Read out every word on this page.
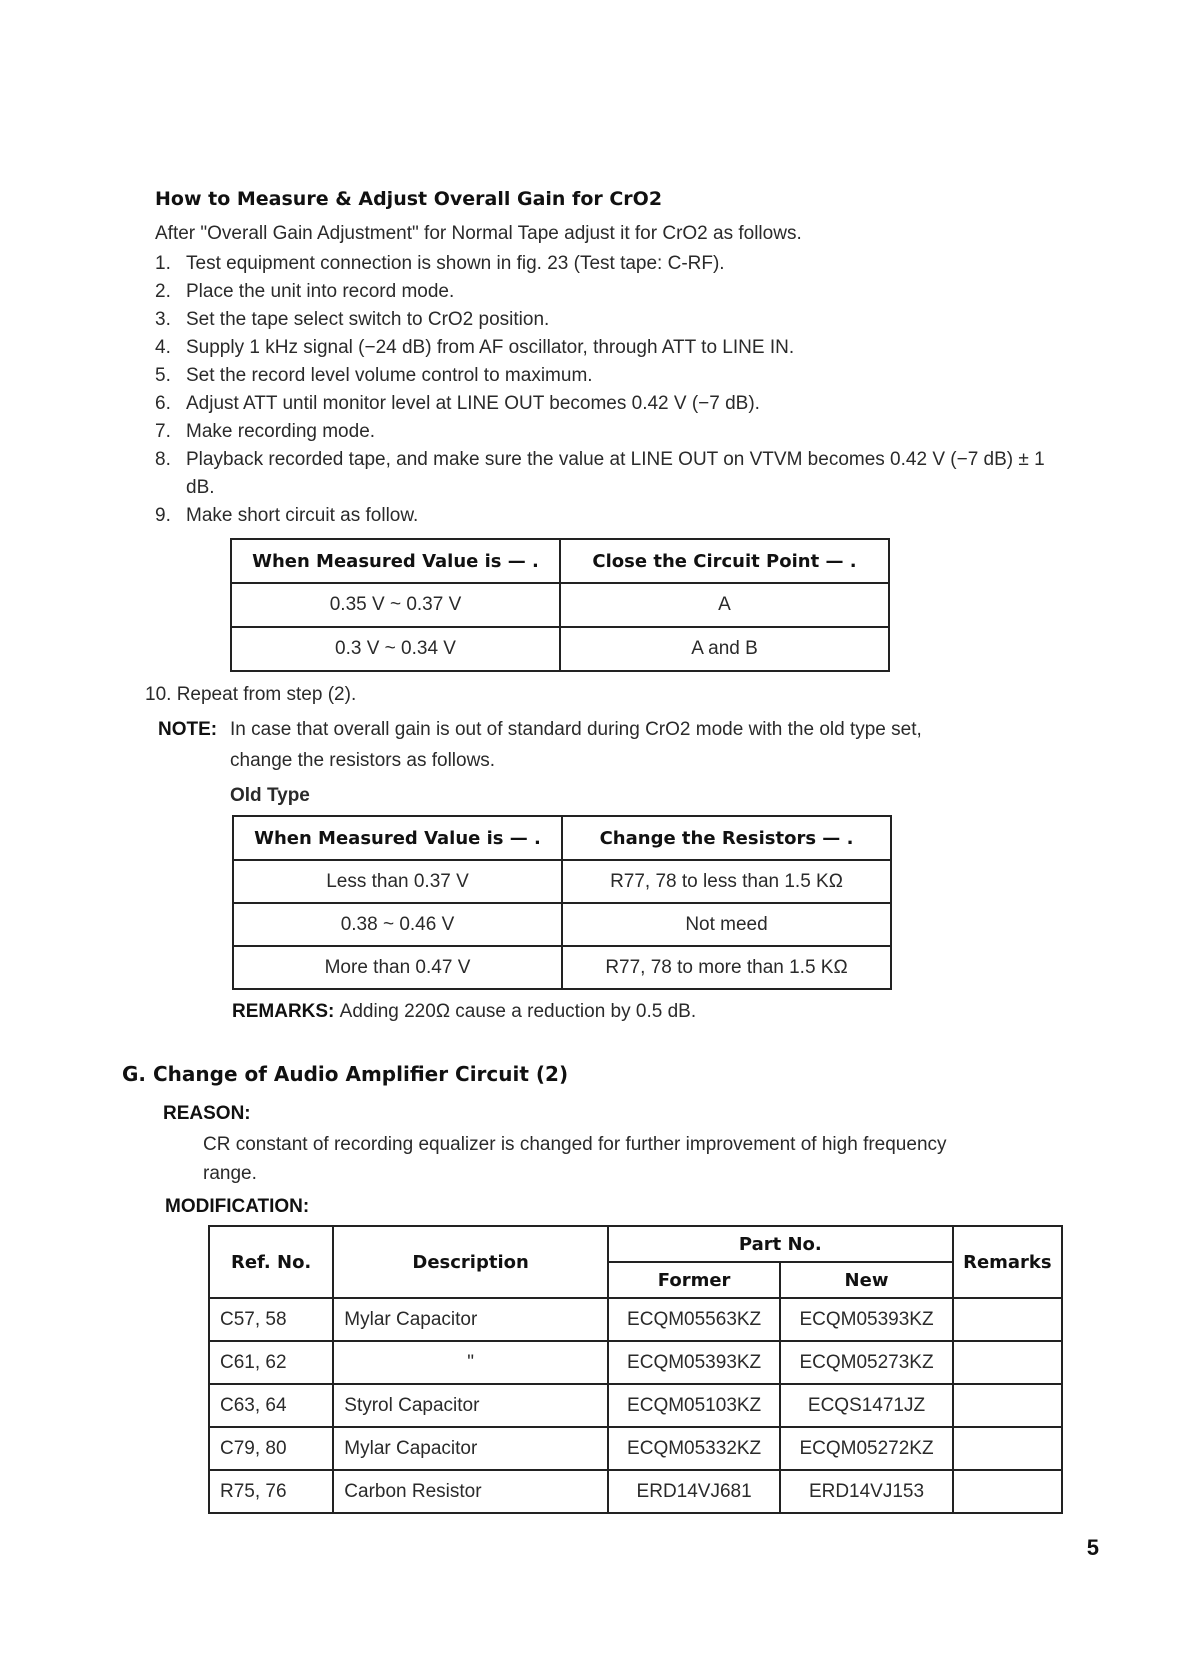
How to Measure & Adjust Overall Gain for CrO2
After "Overall Gain Adjustment" for Normal Tape adjust it for CrO2 as follows.
1. Test equipment connection is shown in fig. 23 (Test tape: C-RF).
2. Place the unit into record mode.
3. Set the tape select switch to CrO2 position.
4. Supply 1 kHz signal (−24 dB) from AF oscillator, through ATT to LINE IN.
5. Set the record level volume control to maximum.
6. Adjust ATT until monitor level at LINE OUT becomes 0.42 V (−7 dB).
7. Make recording mode.
8. Playback recorded tape, and make sure the value at LINE OUT on VTVM becomes 0.42 V (−7 dB) ± 1 dB.
9. Make short circuit as follow.
When Measured Value is — .	Close the Circuit Point — .
0.35 V ~ 0.37 V	A
0.3 V ~ 0.34 V	A and B
10. Repeat from step (2).
NOTE: In case that overall gain is out of standard during CrO2 mode with the old type set,
change the resistors as follows.
Old Type
When Measured Value is — .	Change the Resistors — .
Less than 0.37 V	R77, 78 to less than 1.5 KΩ
0.38 ~ 0.46 V	Not meed
More than 0.47 V	R77, 78 to more than 1.5 KΩ
REMARKS: Adding 220Ω cause a reduction by 0.5 dB.
G. Change of Audio Amplifier Circuit (2)
REASON:
CR constant of recording equalizer is changed for further improvement of high frequency
range.
MODIFICATION:
Ref. No.	Description	Part No.		Remarks
		Former	New	
C57, 58	Mylar Capacitor	ECQM05563KZ	ECQM05393KZ	
C61, 62	"	ECQM05393KZ	ECQM05273KZ	
C63, 64	Styrol Capacitor	ECQM05103KZ	ECQS1471JZ	
C79, 80	Mylar Capacitor	ECQM05332KZ	ECQM05272KZ	
R75, 76	Carbon Resistor	ERD14VJ681	ERD14VJ153	
5
